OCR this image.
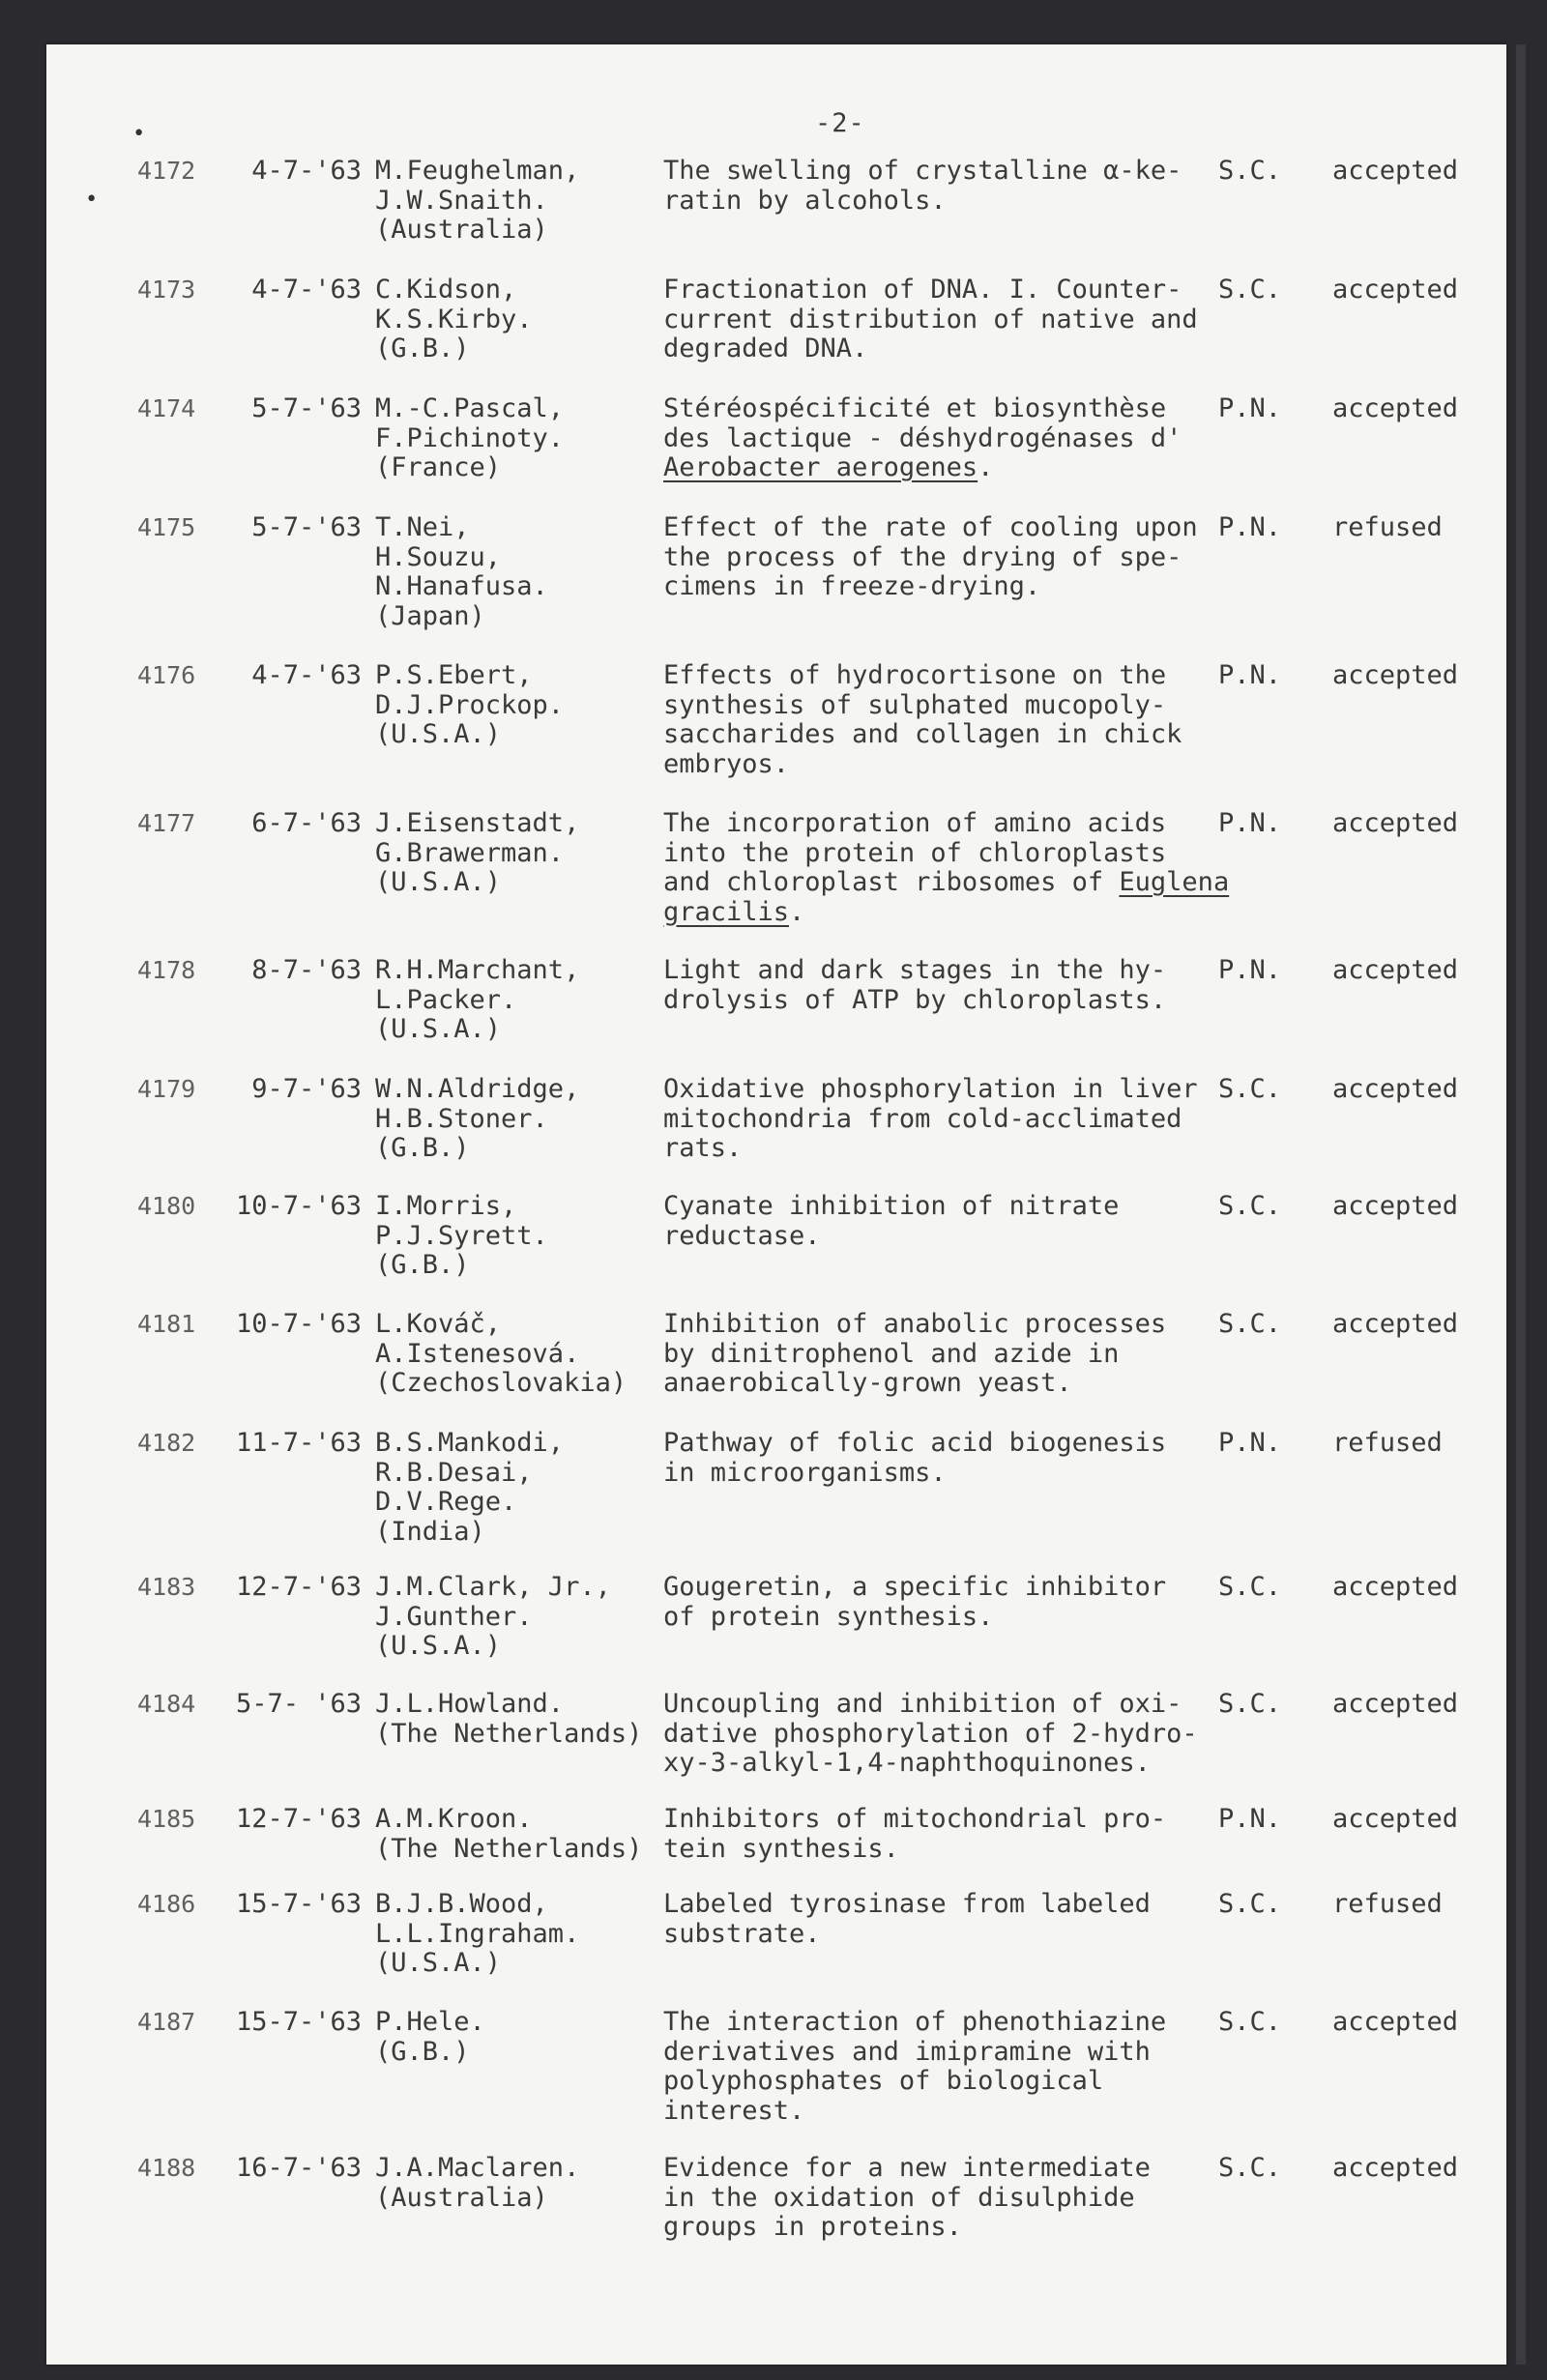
•
•
-2-
4172	4-7-'63 M.Feughelman,
J.W.Snaith.
(Australia)
The swelling of crystalline α-ke-
ratin by alcohols.
S.C. accepted
4173	4-7-'63 C.Kidson,
K.S.Kirby.
(G.B.)
Fractionation of DNA. I. Counter-
current distribution of native and
degraded DNA.
S.C. accepted
4174	5-7-'63 M.-C.Pascal,
F.Pichinoty.
(France)
Stéréospécificité et biosynthèse
des lactique - déshydrogénases d'
Aerobacter aerogenes.
P.N. accepted
4175	5-7-'63 T.Nei,
H.Souzu,
N.Hanafusa.
(Japan)
Effect of the rate of cooling upon
the process of the drying of spe-
cimens in freeze-drying.
P.N. refused
4176	4-7-'63 P.S.Ebert,
D.J.Prockop.
(U.S.A.)
Effects of hydrocortisone on the
synthesis of sulphated mucopoly-
saccharides and collagen in chick
embryos.
P.N. accepted
4177	6-7-'63 J.Eisenstadt,
G.Brawerman.
(U.S.A.)
The incorporation of amino acids
into the protein of chloroplasts
and chloroplast ribosomes of Euglena
gracilis.
P.N. accepted
4178	8-7-'63 R.H.Marchant,
L.Packer.
(U.S.A.)
Light and dark stages in the hy-
drolysis of ATP by chloroplasts.
P.N. accepted
4179	9-7-'63 W.N.Aldridge,
H.B.Stoner.
(G.B.)
Oxidative phosphorylation in liver
mitochondria from cold-acclimated
rats.
S.C. accepted
4180 10-7-'63 I.Morris,
P.J.Syrett.
(G.B.)
Cyanate inhibition of nitrate
reductase.
S.C. accepted
4181 10-7-'63 L.Kováč,
A.Istenesová.
(Czechoslovakia)
Inhibition of anabolic processes
by dinitrophenol and azide in
anaerobically-grown yeast.
S.C. accepted
4182 11-7-'63 B.S.Mankodi,
R.B.Desai,
D.V.Rege.
(India)
Pathway of folic acid biogenesis
in microorganisms.
P.N. refused
4183 12-7-'63 J.M.Clark, Jr.,
J.Gunther.
(U.S.A.)
Gougeretin, a specific inhibitor
of protein synthesis.
S.C. accepted
4184 5-7- '63 J.L.Howland.
(The Netherlands)
Uncoupling and inhibition of oxi-
dative phosphorylation of 2-hydro-
xy-3-alkyl-1,4-naphthoquinones.
S.C. accepted
4185 12-7-'63 A.M.Kroon.
(The Netherlands)
Inhibitors of mitochondrial pro-
tein synthesis.
P.N. accepted
4186 15-7-'63 B.J.B.Wood,
L.L.Ingraham.
(U.S.A.)
Labeled tyrosinase from labeled
substrate.
S.C. refused
4187 15-7-'63 P.Hele.
(G.B.)
The interaction of phenothiazine
derivatives and imipramine with
polyphosphates of biological
interest.
S.C. accepted
4188 16-7-'63 J.A.Maclaren.
(Australia)
Evidence for a new intermediate
in the oxidation of disulphide
groups in proteins.
S.C. accepted
